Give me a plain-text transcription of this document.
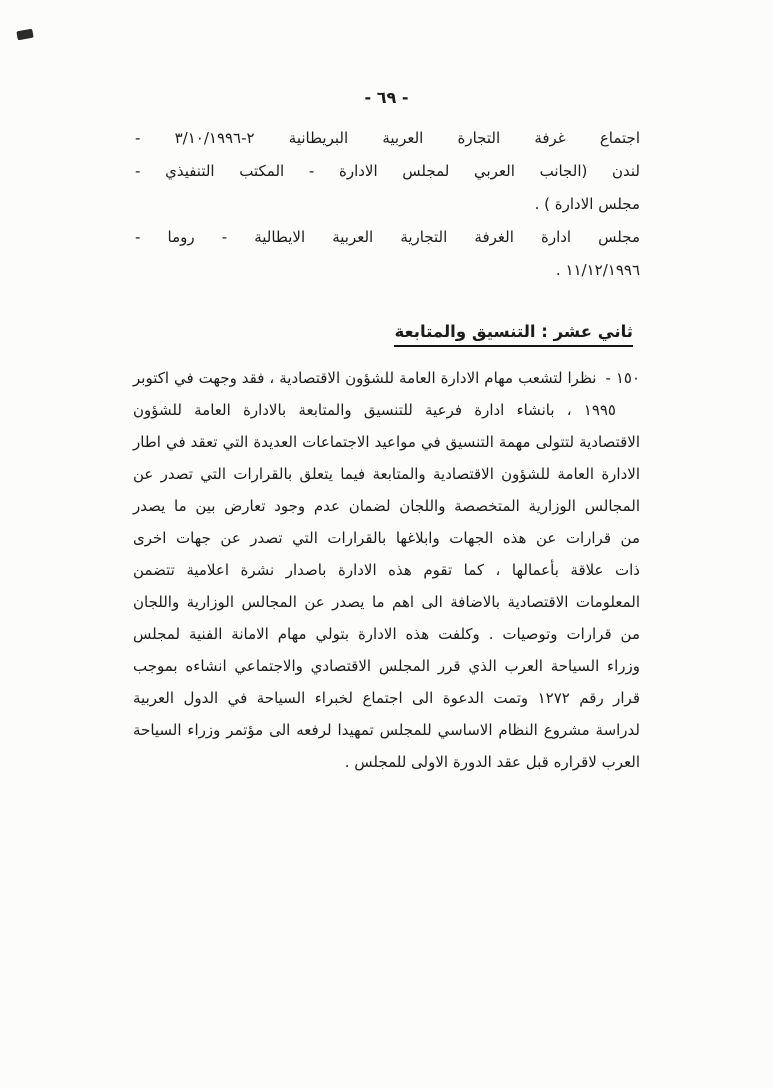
- ٦٩ -
اجتماع غرفة التجارة العربية البريطانية ٢-٣/١٠/١٩٩٦ -
لندن (الجانب العربي لمجلس الادارة - المكتب التنفيذي -
مجلس الادارة ) .
مجلس ادارة الغرفة التجارية العربية الايطالية - روما -
١١/١٢/١٩٩٦ .
ثاني عشر : التنسيق والمتابعة
١٥٠ -نظرا لتشعب مهام الادارة العامة للشؤون الاقتصادية ، فقد وجهت في اكتوبر
١٩٩٥ ، بانشاء ادارة فرعية للتنسيق والمتابعة بالادارة العامة للشؤون
الاقتصادية لتتولى مهمة التنسيق في مواعيد الاجتماعات العديدة التي تعقد في اطار
الادارة العامة للشؤون الاقتصادية والمتابعة فيما يتعلق بالقرارات التي تصدر عن
المجالس الوزارية المتخصصة واللجان لضمان عدم وجود تعارض بين ما يصدر
من قرارات عن هذه الجهات وابلاغها بالقرارات التي تصدر عن جهات اخرى
ذات علاقة بأعمالها ، كما تقوم هذه الادارة باصدار نشرة اعلامية تتضمن
المعلومات الاقتصادية بالاضافة الى اهم ما يصدر عن المجالس الوزارية واللجان
من قرارات وتوصيات . وكلفت هذه الادارة بتولي مهام الامانة الفنية لمجلس
وزراء السياحة العرب الذي قرر المجلس الاقتصادي والاجتماعي انشاءه بموجب
قرار رقم ١٢٧٢ وتمت الدعوة الى اجتماع لخبراء السياحة في الدول العربية
لدراسة مشروع النظام الاساسي للمجلس تمهيدا لرفعه الى مؤتمر وزراء السياحة
العرب لاقراره قبل عقد الدورة الاولى للمجلس .
